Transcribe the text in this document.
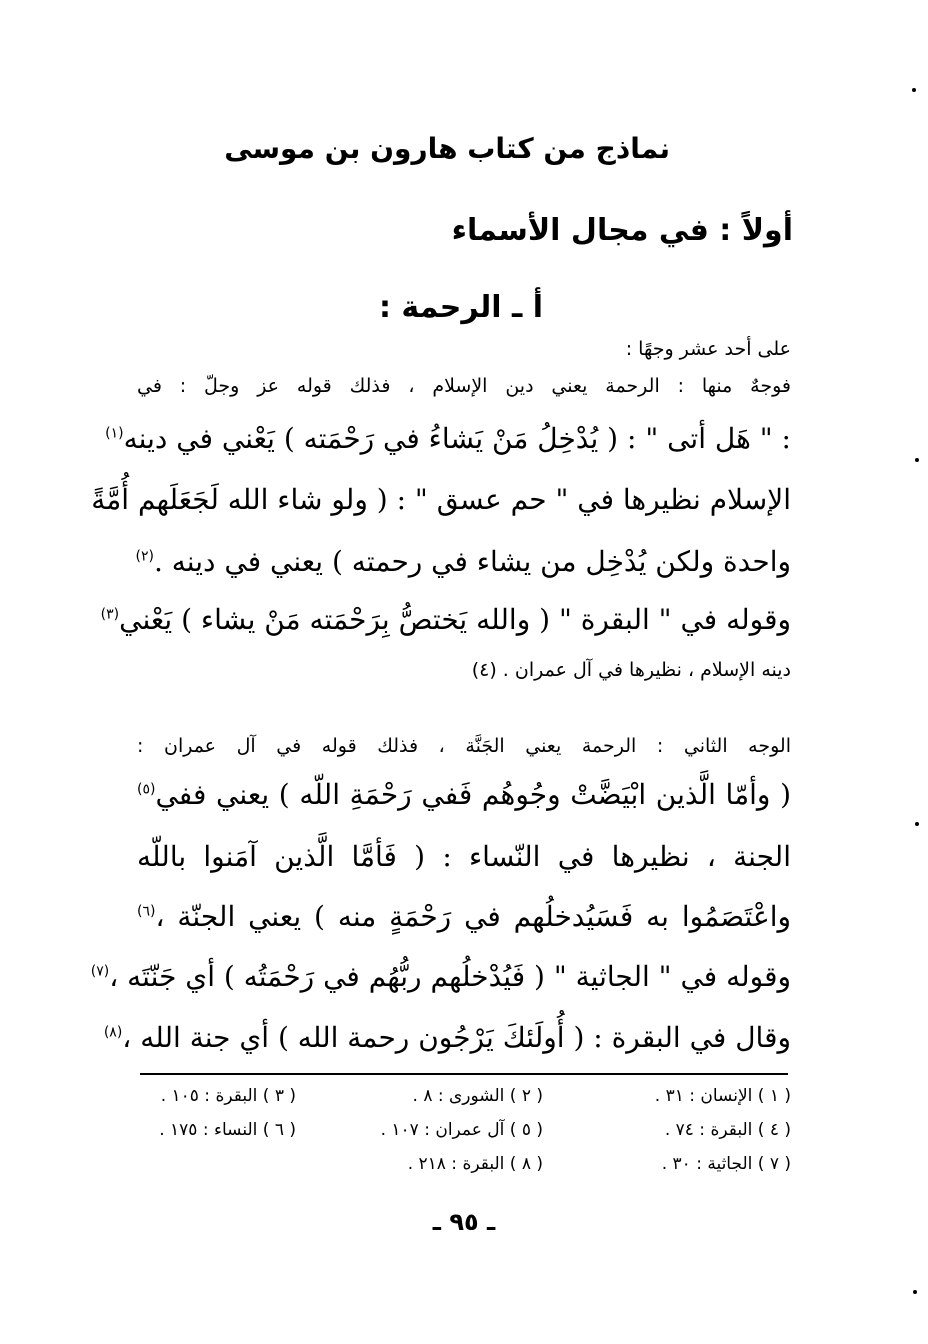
نماذج من كتاب هارون بن موسى
أولاً : في مجال الأسماء
أ ـ الرحمة :
على أحد عشر وجهًا :
فوجهٌ منها : الرحمة يعني دين الإسلام ، فذلك قوله عز وجلّ : في
: " هَل أتى " : ( يُدْخِلُ مَنْ يَشاءُ في رَحْمَته ) يَعْني في دينه$^{(١)}$
الإسلام نظيرها في " حم عسق " : ( ولو شاء الله لَجَعَلَهم أُمَّةً
واحدة ولكن يُدْخِل من يشاء في رحمته ) يعني في دينه .$^{(٢)}$
وقوله في " البقرة " ( والله يَختصُّ بِرَحْمَته مَنْ يشاء ) يَعْني$^{(٣)}$
دينه الإسلام ، نظيرها في آل عمران . (٤)
الوجه الثاني : الرحمة يعني الجَنَّة ، فذلك قوله في آل عمران :
( وأمّا الَّذين ابْيَضَّتْ وجُوهُم فَفي رَحْمَةِ اللّه ) يعني ففي$^{(٥)}$
الجنة ، نظيرها في النّساء : ( فَأمَّا الَّذين آمَنوا باللّه
واعْتَصَمُوا به فَسَيُدخلُهم في رَحْمَةٍ منه ) يعني الجنّة ،$^{(٦)}$
وقوله في " الجاثية " ( فَيُدْخلُهم ربُّهُم في رَحْمَتُه ) أي جَنّتَه ،$^{(٧)}$
وقال في البقرة : ( أُولَئكَ يَرْجُون رحمة الله ) أي جنة الله ،$^{(٨)}$
( ١ ) الإنسان : ٣١ .
( ٢ ) الشورى : ٨ .
( ٣ ) البقرة : ١٠٥ .
( ٤ ) البقرة : ٧٤ .
( ٥ ) آل عمران : ١٠٧ .
( ٦ ) النساء : ١٧٥ .
( ٧ ) الجاثية : ٣٠ .
( ٨ ) البقرة : ٢١٨ .
ـ ٩٥ ـ
